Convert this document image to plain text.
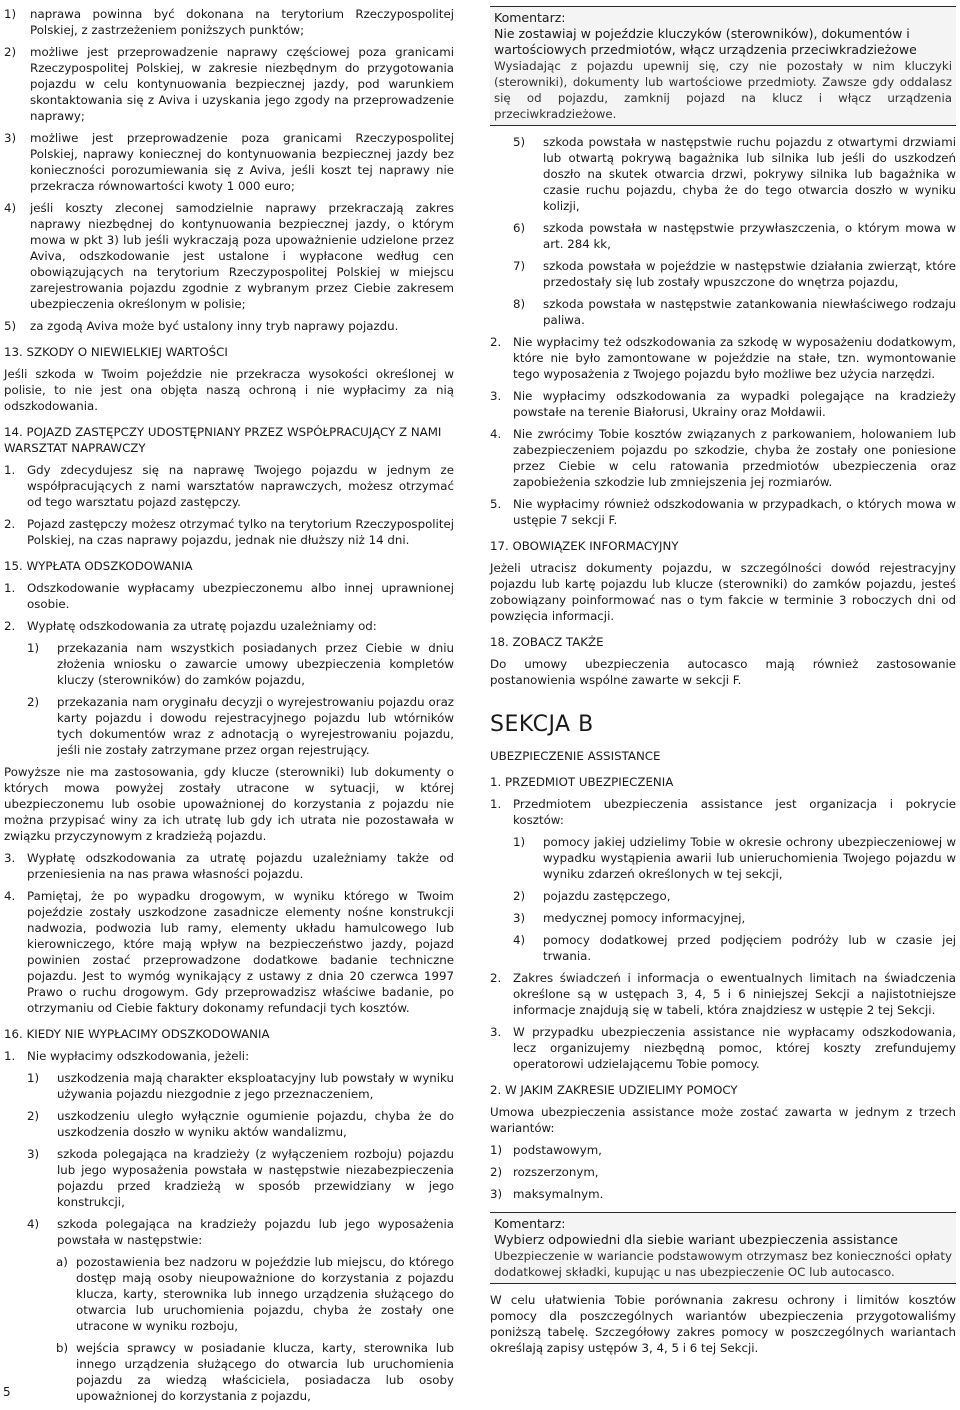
1)	naprawa powinna być dokonana na terytorium Rzeczypospolitej Polskiej, z zastrzeżeniem poniższych punktów;
2)	możliwe jest przeprowadzenie naprawy częściowej poza granicami Rzeczypospolitej Polskiej, w zakresie niezbędnym do przygotowania pojazdu w celu kontynuowania bezpiecznej jazdy, pod warunkiem skontaktowania się z Aviva i uzyskania jego zgody na przeprowadzenie naprawy;
3)	możliwe jest przeprowadzenie poza granicami Rzeczypospolitej Polskiej, naprawy koniecznej do kontynuowania bezpiecznej jazdy bez konieczności porozumiewania się z Aviva, jeśli koszt tej naprawy nie przekracza równowartości kwoty 1 000 euro;
4)	jeśli koszty zleconej samodzielnie naprawy przekraczają zakres naprawy niezbędnej do kontynuowania bezpiecznej jazdy, o którym mowa w pkt 3) lub jeśli wykraczają poza upoważnienie udzielone przez Aviva, odszkodowanie jest ustalone i wypłacone według cen obowiązujących na terytorium Rzeczypospolitej Polskiej w miejscu zarejestrowania pojazdu zgodnie z wybranym przez Ciebie zakresem ubezpieczenia określonym w polisie;
5)	za zgodą Aviva może być ustalony inny tryb naprawy pojazdu.
13. SZKODY O NIEWIELKIEJ WARTOŚCI
Jeśli szkoda w Twoim pojeździe nie przekracza wysokości określonej w polisie, to nie jest ona objęta naszą ochroną i nie wypłacimy za nią odszkodowania.
14. POJAZD ZASTĘPCZY UDOSTĘPNIANY PRZEZ WSPÓŁPRACUJĄCY Z NAMI WARSZTAT NAPRAWCZY
1. Gdy zdecydujesz się na naprawę Twojego pojazdu w jednym ze współpracujących z nami warsztatów naprawczych, możesz otrzymać od tego warsztatu pojazd zastępczy.
2. Pojazd zastępczy możesz otrzymać tylko na terytorium Rzeczypospolitej Polskiej, na czas naprawy pojazdu, jednak nie dłuższy niż 14 dni.
15. WYPŁATA ODSZKODOWANIA
1. Odszkodowanie wypłacamy ubezpieczonemu albo innej uprawnionej osobie.
2. Wypłatę odszkodowania za utratę pojazdu uzależniamy od:
1)	przekazania nam wszystkich posiadanych przez Ciebie w dniu złożenia wniosku o zawarcie umowy ubezpieczenia kompletów kluczy (sterowników) do zamków pojazdu,
2)	przekazania nam oryginału decyzji o wyrejestrowaniu pojazdu oraz karty pojazdu i dowodu rejestracyjnego pojazdu lub wtórników tych dokumentów wraz z adnotacją o wyrejestrowaniu pojazdu, jeśli nie zostały zatrzymane przez organ rejestrujący.
Powyższe nie ma zastosowania, gdy klucze (sterowniki) lub dokumenty o których mowa powyżej zostały utracone w sytuacji, w której ubezpieczonemu lub osobie upoważnionej do korzystania z pojazdu nie można przypisać winy za ich utratę lub gdy ich utrata nie pozostawała w związku przyczynowym z kradzieżą pojazdu.
3. Wypłatę odszkodowania za utratę pojazdu uzależniamy także od przeniesienia na nas prawa własności pojazdu.
4. Pamiętaj, że po wypadku drogowym, w wyniku którego w Twoim pojeździe zostały uszkodzone zasadnicze elementy nośne konstrukcji nadwozia, podwozia lub ramy, elementy układu hamulcowego lub kierowniczego, które mają wpływ na bezpieczeństwo jazdy, pojazd powinien zostać przeprowadzone dodatkowe badanie techniczne pojazdu. Jest to wymóg wynikający z ustawy z dnia 20 czerwca 1997 Prawo o ruchu drogowym. Gdy przeprowadzisz właściwe badanie, po otrzymaniu od Ciebie faktury dokonamy refundacji tych kosztów.
16. KIEDY NIE WYPŁACIMY ODSZKODOWANIA
1. Nie wypłacimy odszkodowania, jeżeli:
1)	uszkodzenia mają charakter eksploatacyjny lub powstały w wyniku używania pojazdu niezgodnie z jego przeznaczeniem,
2)	uszkodzeniu uległo wyłącznie ogumienie pojazdu, chyba że do uszkodzenia doszło w wyniku aktów wandalizmu,
3)	szkoda polegająca na kradzieży (z wyłączeniem rozboju) pojazdu lub jego wyposażenia powstała w następstwie niezabezpieczenia pojazdu przed kradzieżą w sposób przewidziany w jego konstrukcji,
4)	szkoda polegająca na kradzieży pojazdu lub jego wyposażenia powstała w następstwie:
a) pozostawienia bez nadzoru w pojeździe lub miejscu, do którego dostęp mają osoby nieupoważnione do korzystania z pojazdu klucza, karty, sterownika lub innego urządzenia służącego do otwarcia lub uruchomienia pojazdu, chyba że zostały one utracone w wyniku rozboju,
b) wejścia sprawcy w posiadanie klucza, karty, sterownika lub innego urządzenia służącego do otwarcia lub uruchomienia pojazdu za wiedzą właściciela, posiadacza lub osoby upoważnionej do korzystania z pojazdu,
Komentarz:
Nie zostawiaj w pojeździe kluczyków (sterowników), dokumentów i wartościowych przedmiotów, włącz urządzenia przeciwkradzieżowe
Wysiadając z pojazdu upewnij się, czy nie pozostały w nim kluczyki (sterowniki), dokumenty lub wartościowe przedmioty. Zawsze gdy oddalasz się od pojazdu, zamknij pojazd na klucz i włącz urządzenia przeciwkradzieżowe.
5)	szkoda powstała w następstwie ruchu pojazdu z otwartymi drzwiami lub otwartą pokrywą bagażnika lub silnika lub jeśli do uszkodzeń doszło na skutek otwarcia drzwi, pokrywy silnika lub bagażnika w czasie ruchu pojazdu, chyba że do tego otwarcia doszło w wyniku kolizji,
6)	szkoda powstała w następstwie przywłaszczenia, o którym mowa w art. 284 kk,
7)	szkoda powstała w pojeździe w następstwie działania zwierząt, które przedostały się lub zostały wpuszczone do wnętrza pojazdu,
8)	szkoda powstała w następstwie zatankowania niewłaściwego rodzaju paliwa.
2. Nie wypłacimy też odszkodowania za szkodę w wyposażeniu dodatkowym, które nie było zamontowane w pojeździe na stałe, tzn. wymontowanie tego wyposażenia z Twojego pojazdu było możliwe bez użycia narzędzi.
3. Nie wypłacimy odszkodowania za wypadki polegające na kradzieży powstałe na terenie Białorusi, Ukrainy oraz Mołdawii.
4. Nie zwrócimy Tobie kosztów związanych z parkowaniem, holowaniem lub zabezpieczeniem pojazdu po szkodzie, chyba że zostały one poniesione przez Ciebie w celu ratowania przedmiotów ubezpieczenia oraz zapobieżenia szkodzie lub zmniejszenia jej rozmiarów.
5. Nie wypłacimy również odszkodowania w przypadkach, o których mowa w ustępie 7 sekcji F.
17. OBOWIĄZEK INFORMACYJNY
Jeżeli utracisz dokumenty pojazdu, w szczególności dowód rejestracyjny pojazdu lub kartę pojazdu lub klucze (sterowniki) do zamków pojazdu, jesteś zobowiązany poinformować nas o tym fakcie w terminie 3 roboczych dni od powzięcia informacji.
18. ZOBACZ TAKŻE
Do umowy ubezpieczenia autocasco mają również zastosowanie postanowienia wspólne zawarte w sekcji F.
SEKCJA B
UBEZPIECZENIE ASSISTANCE
1. PRZEDMIOT UBEZPIECZENIA
1. Przedmiotem ubezpieczenia assistance jest organizacja i pokrycie kosztów:
1)	pomocy jakiej udzielimy Tobie w okresie ochrony ubezpieczeniowej w wypadku wystąpienia awarii lub unieruchomienia Twojego pojazdu w wyniku zdarzeń określonych w tej sekcji,
2)	pojazdu zastępczego,
3)	medycznej pomocy informacyjnej,
4)	pomocy dodatkowej przed podjęciem podróży lub w czasie jej trwania.
2. Zakres świadczeń i informacja o ewentualnych limitach na świadczenia określone są w ustępach 3, 4, 5 i 6 niniejszej Sekcji a najistotniejsze informacje znajdują się w tabeli, która znajdziesz w ustępie 2 tej Sekcji.
3. W przypadku ubezpieczenia assistance nie wypłacamy odszkodowania, lecz organizujemy niezbędną pomoc, której koszty zrefundujemy operatorowi udzielającemu Tobie pomocy.
2. W JAKIM ZAKRESIE UDZIELIMY POMOCY
Umowa ubezpieczenia assistance może zostać zawarta w jednym z trzech wariantów:
1) podstawowym,
2) rozszerzonym,
3) maksymalnym.
Komentarz:
Wybierz odpowiedni dla siebie wariant ubezpieczenia assistance
Ubezpieczenie w wariancie podstawowym otrzymasz bez konieczności opłaty dodatkowej składki, kupując u nas ubezpieczenie OC lub autocasco.
W celu ułatwienia Tobie porównania zakresu ochrony i limitów kosztów pomocy dla poszczególnych wariantów ubezpieczenia przygotowaliśmy poniższą tabelę. Szczegółowy zakres pomocy w poszczególnych wariantach określają zapisy ustępów 3, 4, 5 i 6 tej Sekcji.
5
